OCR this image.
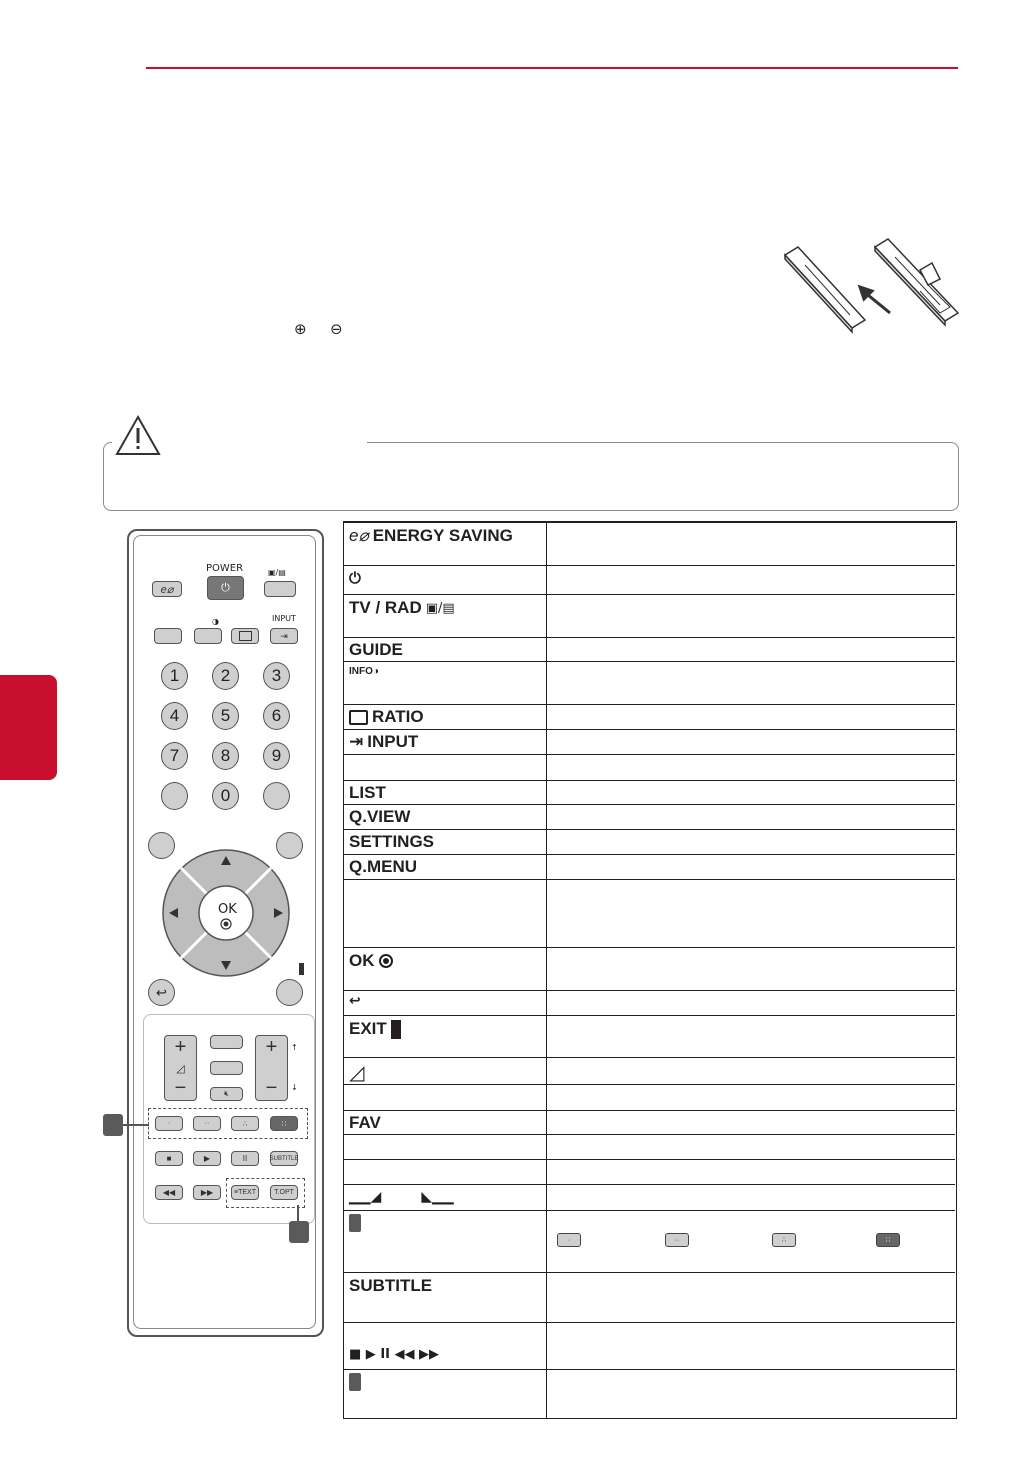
⊕ ⊖
POWER
e⌀	⏻
▣/▤
INPUT
◑
⇥
1 2 3
4 5 6
7 8 9
0
OK
↩
+
◿
−	🔇︎
+
−
↑
↓
·	··	∴	∷
■	▶	II	SUBTITLE
◀◀	▶▶	≡ TEXT	T.OPT
e⌀ ENERGY SAVING
⏻
TV / RAD ▣/▤
GUIDE
INFO ◑
RATIO
⇥ INPUT
LIST
Q.VIEW
SETTINGS
Q.MENU
OK
↩
EXIT
◿
FAV
▁▁◢         ◣▁▁
·	··	∴	∷
SUBTITLE
■ ▶ II ◀◀ ▶▶
